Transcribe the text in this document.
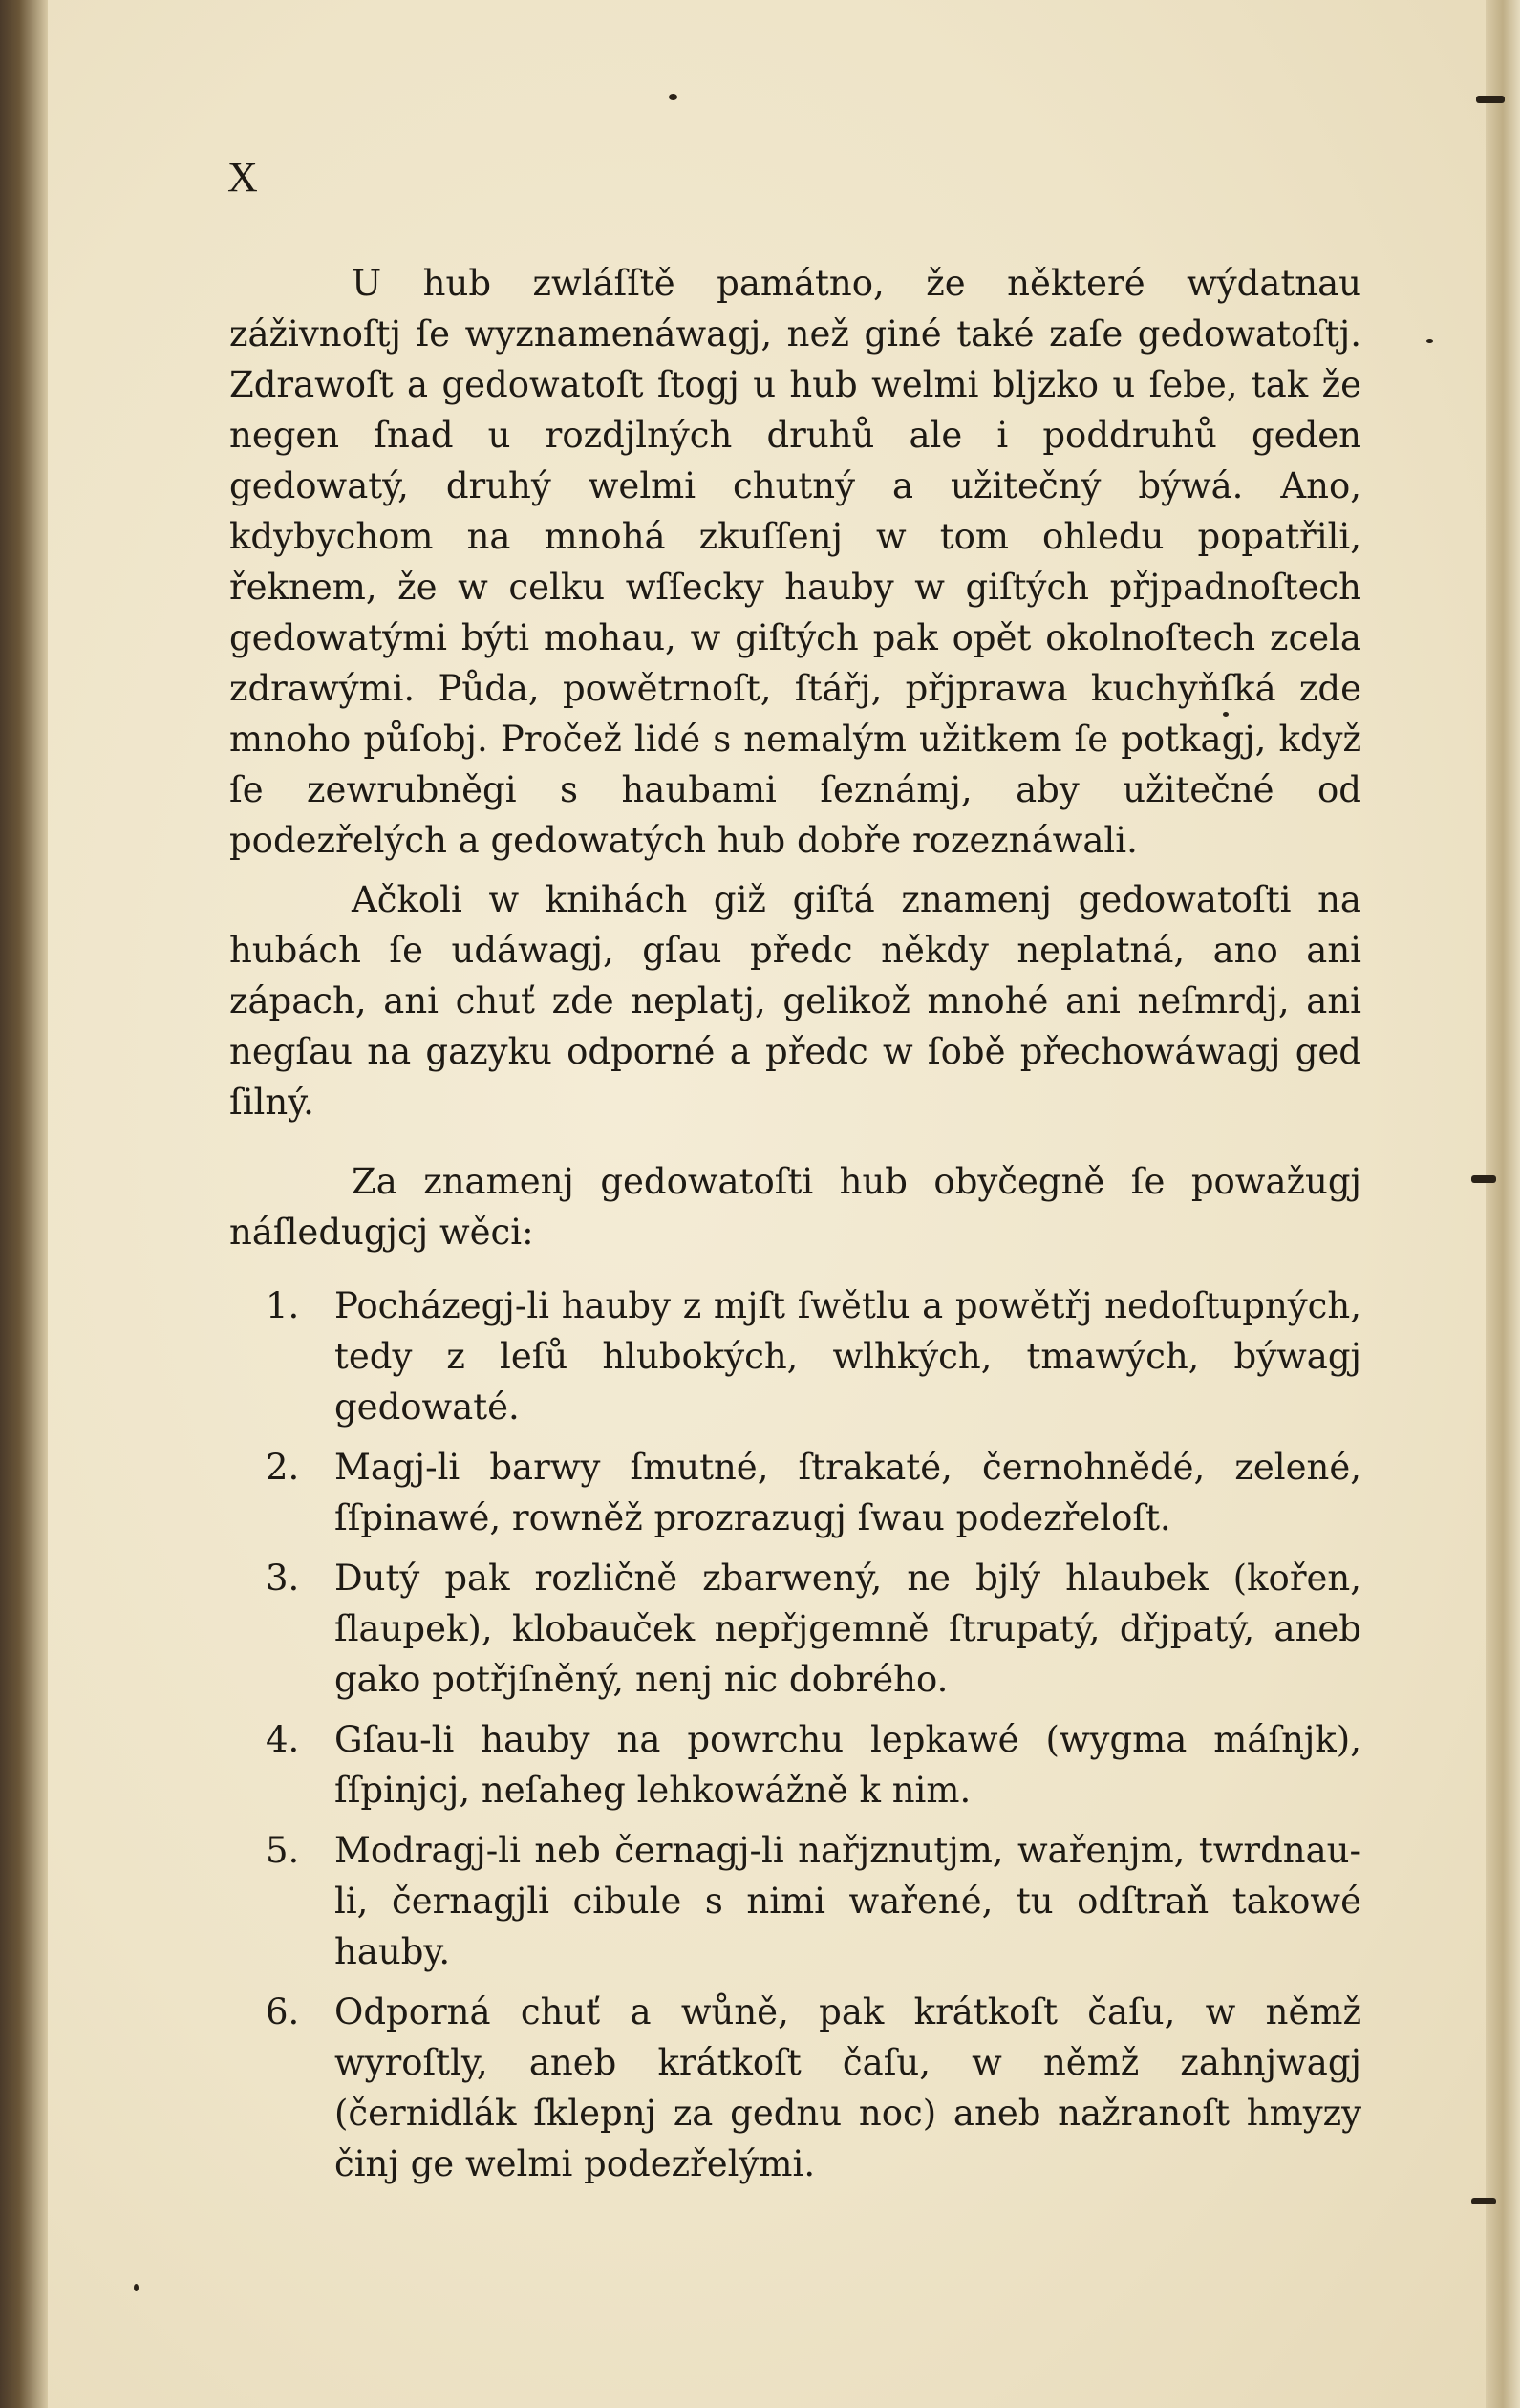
X

U hub zwláſſtě památno, že některé wýdatnau záživnoſtj ſe wyznamenáwagj, než giné také zaſe gedowatoſtj. Zdrawoſt a gedowatoſt ſtogj u hub welmi bljzko u ſebe, tak že negen ſnad u rozdjlných druhů ale i poddruhů geden gedowatý, druhý welmi chutný a užitečný býwá. Ano, kdybychom na mnohá zkuſſenj w tom ohledu popatřili, řeknem, že w celku wſſecky hauby w giſtých přjpadnoſtech gedowatými býti mohau, w giſtých pak opět okolnoſtech zcela zdrawými. Půda, powětrnoſt, ſtářj, přjprawa kuchyňſká zde mnoho půſobj. Pročež lidé s nemalým užitkem ſe potkagj, když ſe zewrubněgi s haubami ſeznámj, aby užitečné od podezřelých a gedowatých hub dobře rozeznáwali.

Ačkoli w knihách giž giſtá znamenj gedowatoſti na hubách ſe udáwagj, gſau předc někdy neplatná, ano ani zápach, ani chuť zde neplatj, gelikož mnohé ani neſmrdj, ani negſau na gazyku odporné a předc w ſobě přechowáwagj ged ſilný.

Za znamenj gedowatoſti hub obyčegně ſe powažugj náſledugjcj wěci:

1. Pocházegj-li hauby z mjſt ſwětlu a powětřj nedoſtupných, tedy z leſů hlubokých, wlhkých, tmawých, býwagj gedowaté.
2. Magj-li barwy ſmutné, ſtrakaté, černohnědé, zelené, ſſpinawé, rowněž prozrazugj ſwau podezřeloſt.
3. Dutý pak rozličně zbarwený, ne bjlý hlaubek (kořen, ſlaupek), klobauček nepřjgemně ſtrupatý, dřjpatý, aneb gako potřjſněný, nenj nic dobrého.
4. Gſau-li hauby na powrchu lepkawé (wygma máſnjk), ſſpinjcj, neſaheg lehkowážně k nim.
5. Modragj-li neb černagj-li nařjznutjm, wařenjm, twrdnau-li, černagjli cibule s nimi wařené, tu odſtraň takowé hauby.
6. Odporná chuť a wůně, pak krátkoſt čaſu, w němž wyroſtly, aneb krátkoſt čaſu, w němž zahnjwagj (černidlák ſklepnj za gednu noc) aneb nažranoſt hmyzy činj ge welmi podezřelými.
